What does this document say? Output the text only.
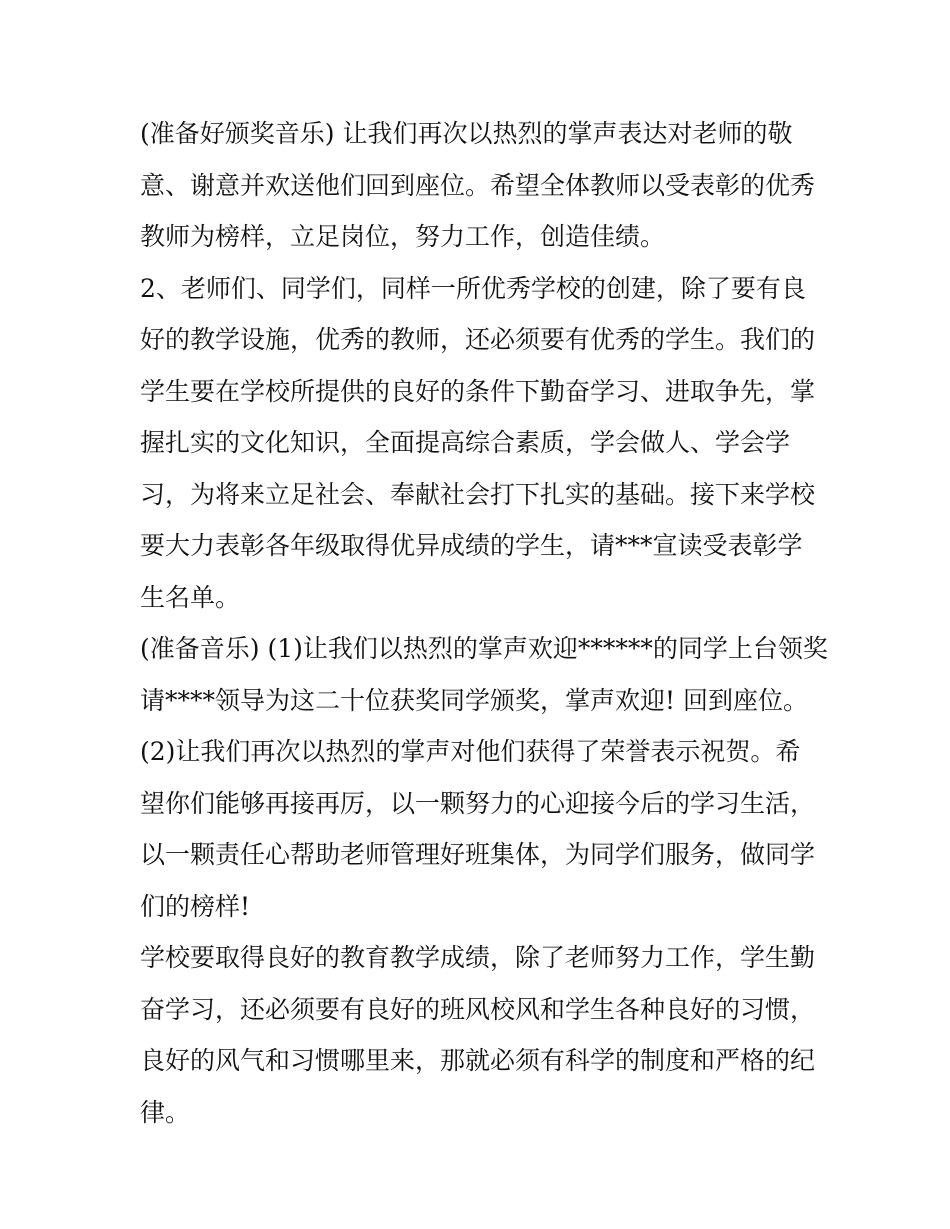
(准备好颁奖音乐) 让我们再次以热烈的掌声表达对老师的敬
意、谢意并欢送他们回到座位。希望全体教师以受表彰的优秀
教师为榜样，立足岗位，努力工作，创造佳绩。
2、老师们、同学们，同样一所优秀学校的创建，除了要有良
好的教学设施，优秀的教师，还必须要有优秀的学生。我们的
学生要在学校所提供的良好的条件下勤奋学习、进取争先，掌
握扎实的文化知识，全面提高综合素质，学会做人、学会学
习，为将来立足社会、奉献社会打下扎实的基础。接下来学校
要大力表彰各年级取得优异成绩的学生，请***宣读受表彰学
生名单。
(准备音乐) (1)让我们以热烈的掌声欢迎******的同学上台领奖
请****领导为这二十位获奖同学颁奖，掌声欢迎! 回到座位。
(2)让我们再次以热烈的掌声对他们获得了荣誉表示祝贺。希
望你们能够再接再厉，以一颗努力的心迎接今后的学习生活，
以一颗责任心帮助老师管理好班集体，为同学们服务，做同学
们的榜样!
学校要取得良好的教育教学成绩，除了老师努力工作，学生勤
奋学习，还必须要有良好的班风校风和学生各种良好的习惯，
良好的风气和习惯哪里来，那就必须有科学的制度和严格的纪
律。
